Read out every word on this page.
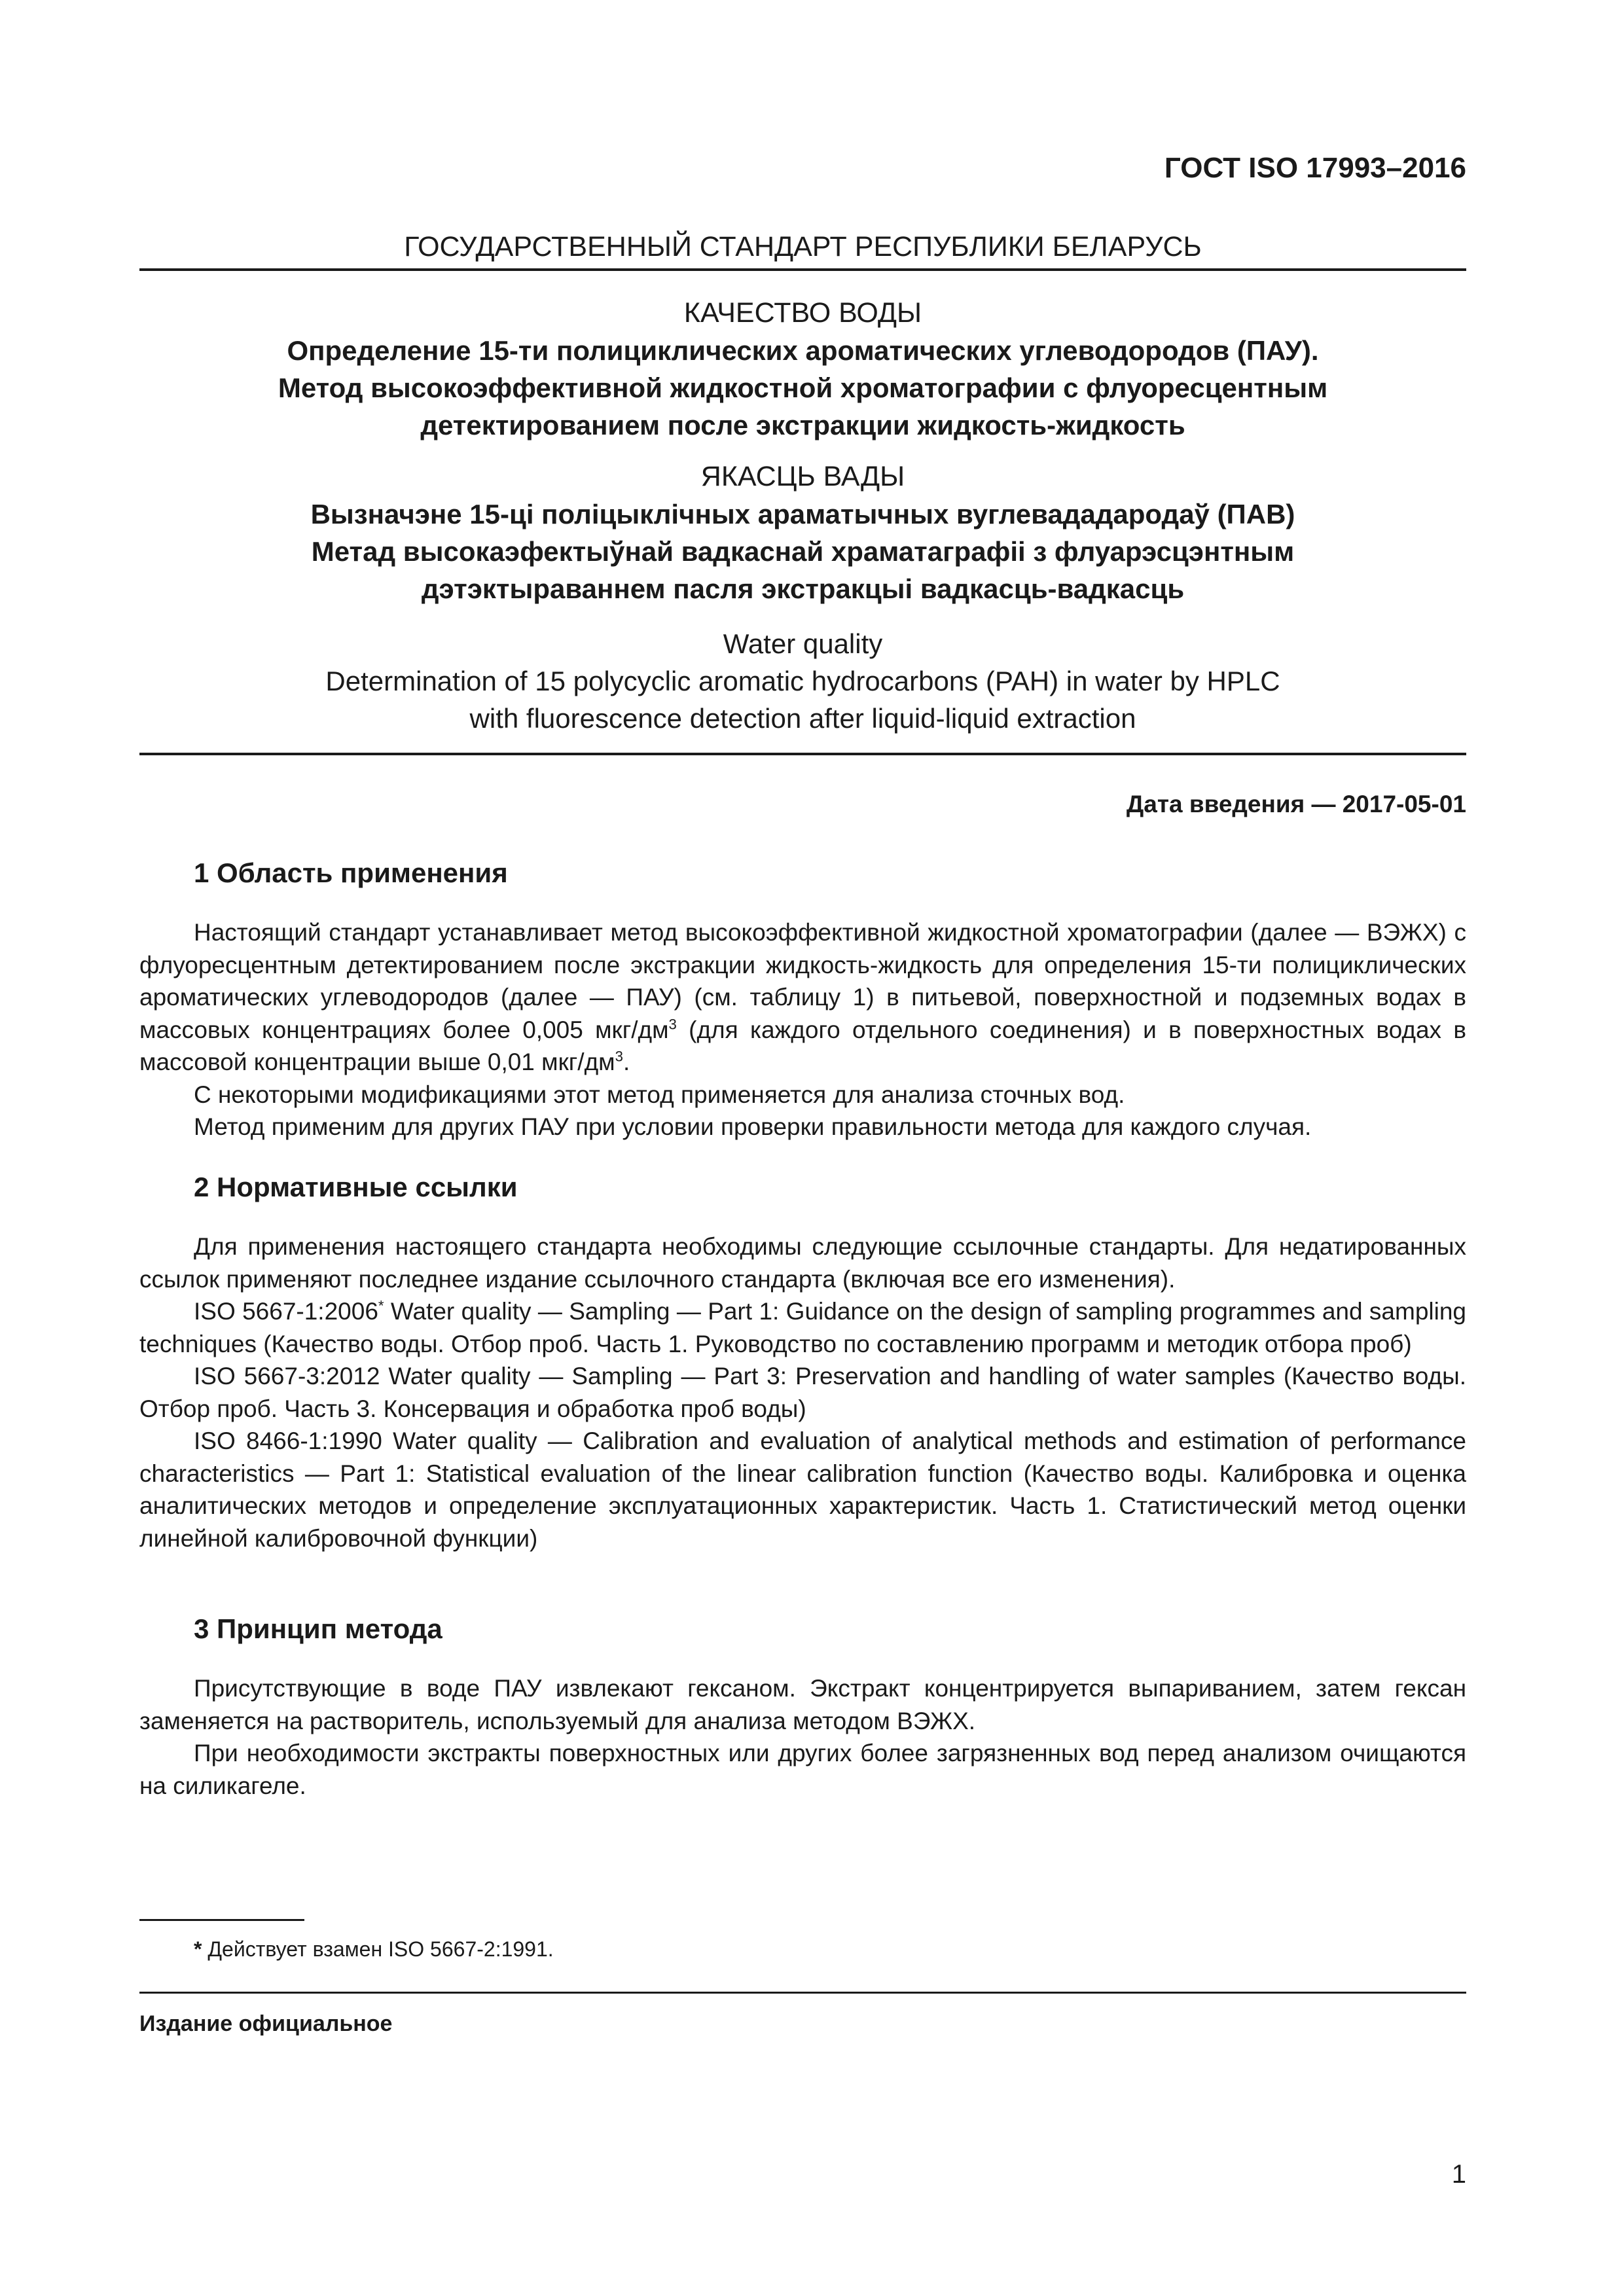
ГОСТ ISO 17993–2016
ГОСУДАРСТВЕННЫЙ СТАНДАРТ РЕСПУБЛИКИ БЕЛАРУСЬ
КАЧЕСТВО ВОДЫ
Определение 15-ти полициклических ароматических углеводородов (ПАУ).
Метод высокоэффективной жидкостной хроматографии с флуоресцентным
детектированием после экстракции жидкость-жидкость
ЯКАСЦЬ ВАДЫ
Вызначэне 15-ці поліцыклічных араматычных вуглевададародаў (ПАВ)
Метад высокаэфектыўнай вадкаснай храматаграфіі з флуарэсцэнтным
дэтэктыраваннем пасля экстракцыі вадкасць-вадкасць
Water quality
Determination of 15 polycyclic aromatic hydrocarbons (PAH) in water by HPLC
with fluorescence detection after liquid-liquid extraction
Дата введения — 2017-05-01
1 Область применения

Настоящий стандарт устанавливает метод высокоэффективной жидкостной хроматографии (далее — ВЭЖХ) с флуоресцентным детектированием после экстракции жидкость-жидкость для определения 15-ти полициклических ароматических углеводородов (далее — ПАУ) (см. таблицу 1) в питьевой, поверхностной и подземных водах в массовых концентрациях более 0,005 мкг/$дм^3$ (для каждого отдельного соединения) и в поверхностных водах в массовой концентрации выше 0,01 мкг/$дм^3$.

С некоторыми модификациями этот метод применяется для анализа сточных вод.

Метод применим для других ПАУ при условии проверки правильности метода для каждого случая.

2 Нормативные ссылки

Для применения настоящего стандарта необходимы следующие ссылочные стандарты. Для недатированных ссылок применяют последнее издание ссылочного стандарта (включая все его изменения).

ISO 5667-1:2006* Water quality — Sampling — Part 1: Guidance on the design of sampling programmes and sampling techniques (Качество воды. Отбор проб. Часть 1. Руководство по составлению программ и методик отбора проб)

ISO 5667-3:2012 Water quality — Sampling — Part 3: Preservation and handling of water samples (Качество воды. Отбор проб. Часть 3. Консервация и обработка проб воды)

ISO 8466-1:1990 Water quality — Calibration and evaluation of analytical methods and estimation of performance characteristics — Part 1: Statistical evaluation of the linear calibration function (Качество воды. Калибровка и оценка аналитических методов и определение эксплуатационных характеристик. Часть 1. Статистический метод оценки линейной калибровочной функции)

3 Принцип метода

Присутствующие в воде ПАУ извлекают гексаном. Экстракт концентрируется выпариванием, затем гексан заменяется на растворитель, используемый для анализа методом ВЭЖХ.

При необходимости экстракты поверхностных или других более загрязненных вод перед анализом очищаются на силикагеле.

* Действует взамен ISO 5667-2:1991.
Издание официальное
1
